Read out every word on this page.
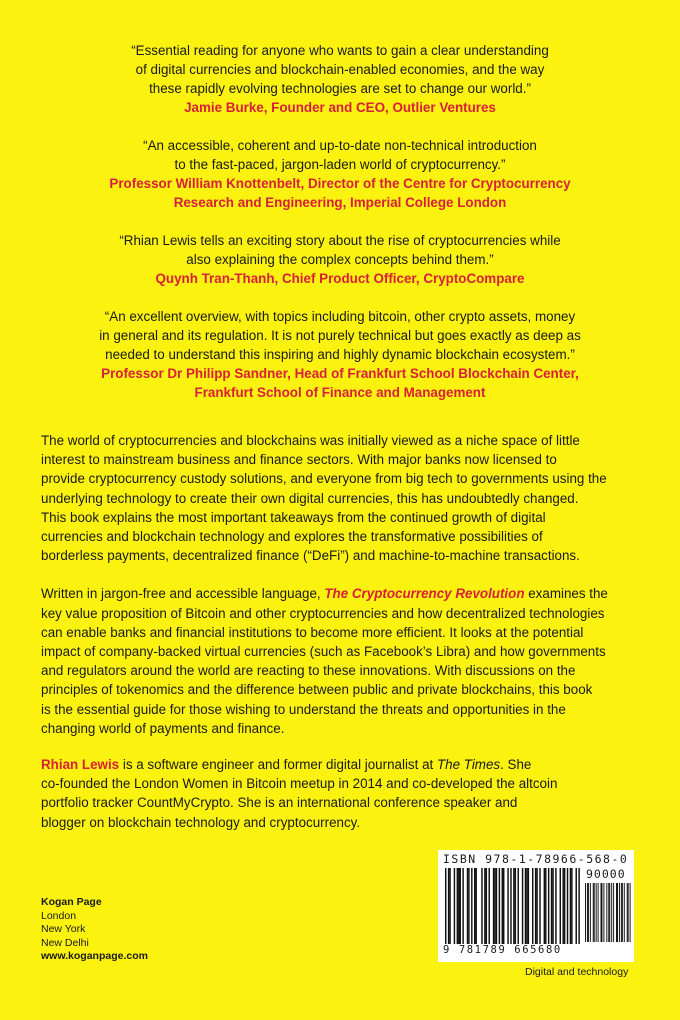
“Essential reading for anyone who wants to gain a clear understanding

of digital currencies and blockchain-enabled economies, and the way

these rapidly evolving technologies are set to change our world.”

Jamie Burke, Founder and CEO, Outlier Ventures

“An accessible, coherent and up-to-date non-technical introduction

to the fast-paced, jargon-laden world of cryptocurrency.”

Professor William Knottenbelt, Director of the Centre for Cryptocurrency

Research and Engineering, Imperial College London

“Rhian Lewis tells an exciting story about the rise of cryptocurrencies while

also explaining the complex concepts behind them.”

Quynh Tran-Thanh, Chief Product Officer, CryptoCompare

“An excellent overview, with topics including bitcoin, other crypto assets, money

in general and its regulation. It is not purely technical but goes exactly as deep as

needed to understand this inspiring and highly dynamic blockchain ecosystem.”

Professor Dr Philipp Sandner, Head of Frankfurt School Blockchain Center,

Frankfurt School of Finance and Management

The world of cryptocurrencies and blockchains was initially viewed as a niche space of little
interest to mainstream business and finance sectors. With major banks now licensed to
provide cryptocurrency custody solutions, and everyone from big tech to governments using the
underlying technology to create their own digital currencies, this has undoubtedly changed.
This book explains the most important takeaways from the continued growth of digital
currencies and blockchain technology and explores the transformative possibilities of
borderless payments, decentralized finance (“DeFi”) and machine-to-machine transactions.

Written in jargon-free and accessible language, The Cryptocurrency Revolution examines the
key value proposition of Bitcoin and other cryptocurrencies and how decentralized technologies
can enable banks and financial institutions to become more efficient. It looks at the potential
impact of company-backed virtual currencies (such as Facebook’s Libra) and how governments
and regulators around the world are reacting to these innovations. With discussions on the
principles of tokenomics and the difference between public and private blockchains, this book
is the essential guide for those wishing to understand the threats and opportunities in the
changing world of payments and finance.

Rhian Lewis is a software engineer and former digital journalist at The Times. She
co-founded the London Women in Bitcoin meetup in 2014 and co-developed the altcoin
portfolio tracker CountMyCrypto. She is an international conference speaker and
blogger on blockchain technology and cryptocurrency.
Kogan Page
London
New York
New Delhi
www.koganpage.com
ISBN 978-1-78966-568-0
90000
9 781789 665680
Digital and technology
